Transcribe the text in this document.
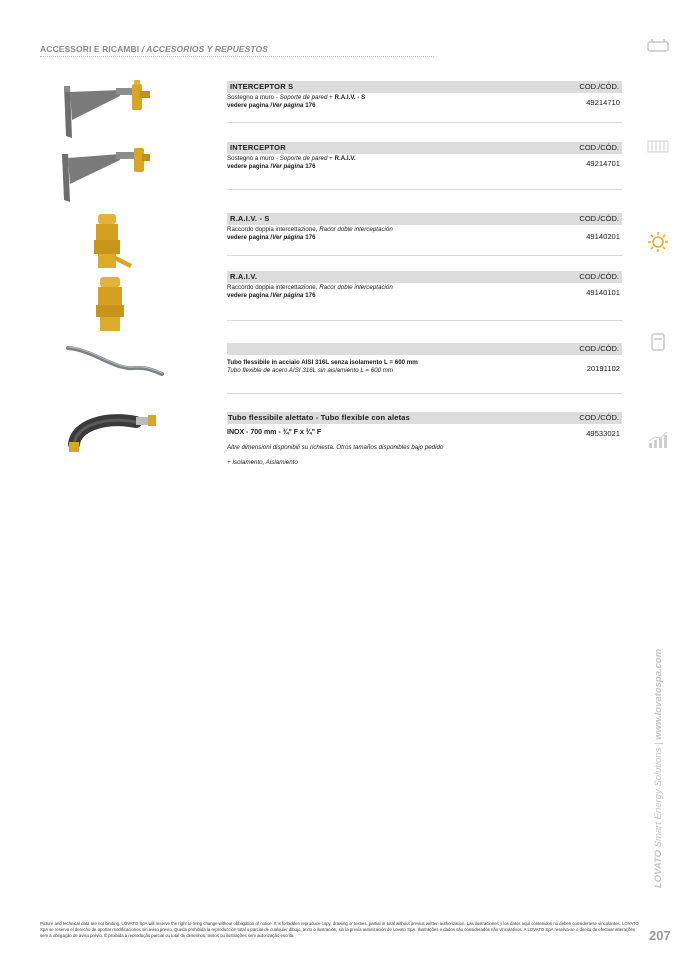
ACCESSORI E RICAMBI / ACCESORIOS Y REPUESTOS
INTERCEPTOR S	COD./CÓD.
Sostegno a muro - Soporte de pared + R.A.I.V. - S
vedere pagina /Ver página 176	49214710
INTERCEPTOR	COD./CÓD.
Sostegno a muro - Soporte de pared + R.A.I.V.
vedere pagina /Ver página 176	49214701
R.A.I.V. - S	COD./CÓD.
Raccordo doppia intercettazione, Racor doble interceptación
vedere pagina /Ver página 176	49140201
R.A.I.V.	COD./CÓD.
Raccordo doppia intercettazione, Racor doble interceptación
vedere pagina /Ver página 176	49140101
COD./CÓD.
Tubo flessibile in acciaio AISI 316L senza isolamento L = 600 mm
Tubo flexible de acero AISI 316L sin aislamiento L = 600 mm	20191102
Tubo flessibile alettato - Tubo flexible con aletas	COD./CÓD.
INOX - 700 mm - ¾" F x ¾" F
Altre dimensioni disponibili su richiesta. Otros tamaños disponibles bajo pedido
+ Isolamento, Aislamiento
49533021
LOVATO Smart Energy Solutions | www.lovatospa.com
Picture and technical data are not binding. LOVATO SpA will reserve the right to bring change without obbligation of notice. It is forbidden reproduce copy, drawing or texties, partial or total without previus written authorization. Las ilustraciones y los datos aquí contenidos no deben considerarse vinculantes. LOVATO SpA se reserva el derecho de aportar modificaciones sin aviso previo. Queda prohibida la reproducción total o parcial de cualquier dibujo, texto o ilustración, sin la previa autorización de Lovato SpA. Ilustrações e dados são considerados não vinculativos. A LOVATO SpA reserva-se o direito de efectuar alterações sem a obrigação de aviso prévio. É proibida a reprodução parcial ou total de desenhos, textos ou ilustrações sem autorização escrita.	207
